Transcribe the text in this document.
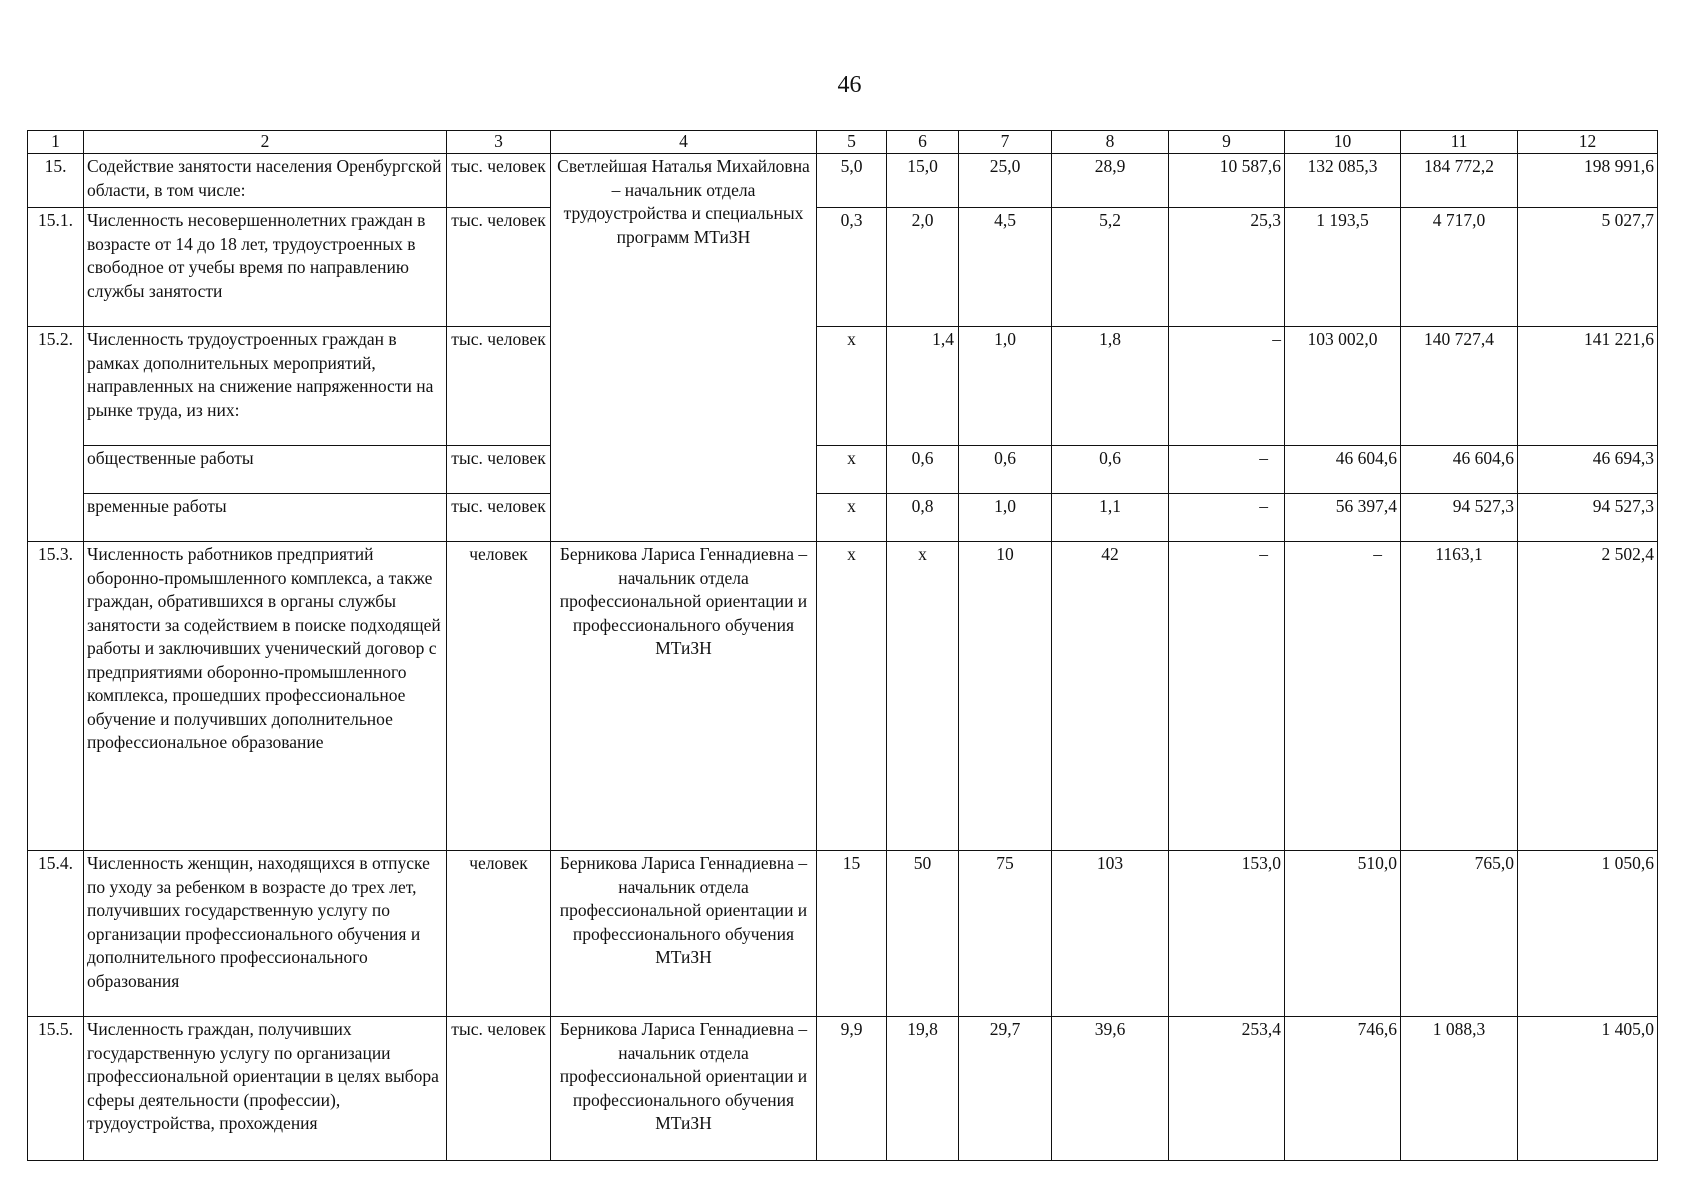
46
1	2	3	4	5	6	7	8	9	10	11	12
15.	Содействие занятости населения Оренбургской области, в том числе:	тыс. человек	Светлейшая Наталья Михайловна – начальник отдела трудоустройства и специальных программ МТиЗН	5,0	15,0	25,0	28,9	10 587,6	132 085,3	184 772,2	198 991,6
15.1.	Численность несовершеннолетних граждан в возрасте от 14 до 18 лет, трудоустроенных в свободное от учебы время по направлению службы занятости	тыс. человек		0,3	2,0	4,5	5,2	25,3	1 193,5	4 717,0	5 027,7
15.2.	Численность трудоустроенных граждан в рамках дополнительных мероприятий, направленных на снижение напряженности на рынке труда, из них:	тыс. человек		х	1,4	1,0	1,8	–	103 002,0	140 727,4	141 221,6
	общественные работы	тыс. человек		х	0,6	0,6	0,6	–	46 604,6	46 604,6	46 694,3
	временные работы	тыс. человек		х	0,8	1,0	1,1	–	56 397,4	94 527,3	94 527,3
15.3.	Численность работников предприятий оборонно-промышленного комплекса, а также граждан, обратившихся в органы службы занятости за содействием в поиске подходящей работы и заключивших ученический договор с предприятиями оборонно-промышленного комплекса, прошедших профессиональное обучение и получивших дополнительное профессиональное образование	человек	Берникова Лариса Геннадиевна – начальник отдела профессиональной ориентации и профессионального обучения МТиЗН	х	х	10	42	–	–	1163,1	2 502,4
15.4.	Численность женщин, находящихся в отпуске по уходу за ребенком в возрасте до трех лет, получивших государственную услугу по организации профессионального обучения и дополнительного профессионального образования	человек	Берникова Лариса Геннадиевна – начальник отдела профессиональной ориентации и профессионального обучения МТиЗН	15	50	75	103	153,0	510,0	765,0	1 050,6
15.5.	Численность граждан, получивших государственную услугу по организации профессиональной ориентации в целях выбора сферы деятельности (профессии), трудоустройства, прохождения	тыс. человек	Берникова Лариса Геннадиевна – начальник отдела профессиональной ориентации и профессионального обучения МТиЗН	9,9	19,8	29,7	39,6	253,4	746,6	1 088,3	1 405,0
